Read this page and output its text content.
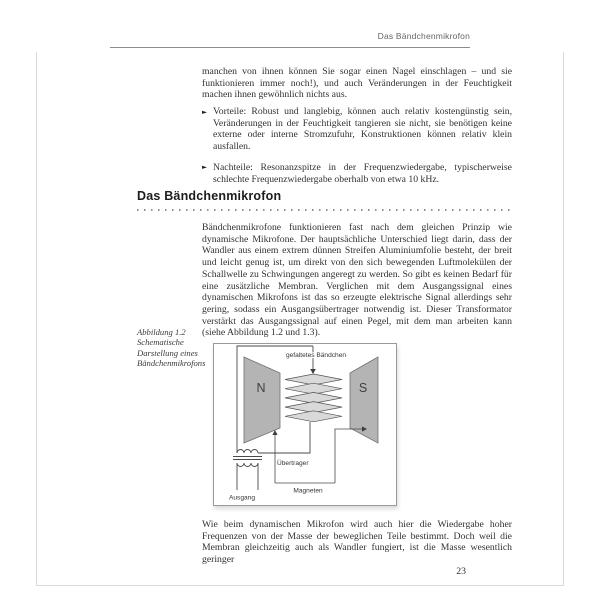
Das Bändchenmikrofon
manchen von ihnen können Sie sogar einen Nagel einschlagen – und sie funktionieren immer noch!), und auch Veränderungen in der Feuchtigkeit machen ihnen gewöhnlich nichts aus.
► Vorteile: Robust und langlebig, können auch relativ kostengünstig sein, Veränderungen in der Feuchtigkeit tangieren sie nicht, sie benötigen keine externe oder interne Stromzufuhr, Konstruktionen können relativ klein ausfallen.
► Nachteile: Resonanzspitze in der Frequenzwiedergabe, typischerweise schlechte Frequenzwiedergabe oberhalb von etwa 10 kHz.
Das Bändchenmikrofon
Bändchenmikrofone funktionieren fast nach dem gleichen Prinzip wie dynamische Mikrofone. Der hauptsächliche Unterschied liegt darin, dass der Wandler aus einem extrem dünnen Streifen Aluminiumfolie besteht, der breit und leicht genug ist, um direkt von den sich bewegenden Luftmolekülen der Schallwelle zu Schwingungen angeregt zu werden. So gibt es keinen Bedarf für eine zusätzliche Membran. Verglichen mit dem Ausgangssignal eines dynamischen Mikrofons ist das so erzeugte elektrische Signal allerdings sehr gering, sodass ein Ausgangsübertrager notwendig ist. Dieser Transformator verstärkt das Ausgangssignal auf einen Pegel, mit dem man arbeiten kann (siehe Abbildung 1.2 und 1.3).
Abbildung 1.2
Schematische Darstellung eines Bändchenmikrofons
N	S
gefaltetes Bändchen
Übertrager
Magneten
Ausgang
Wie beim dynamischen Mikrofon wird auch hier die Wiedergabe hoher Frequenzen von der Masse der beweglichen Teile bestimmt. Doch weil die Membran gleichzeitig auch als Wandler fungiert, ist die Masse wesentlich geringer
23
